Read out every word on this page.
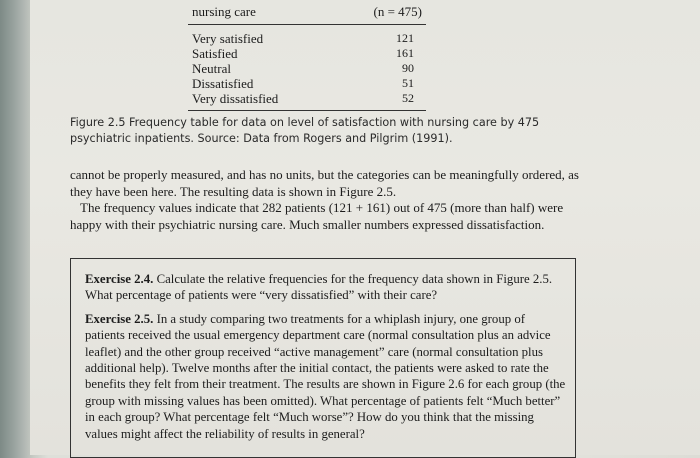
nursing care	(n = 475)
Very satisfied	121
Satisfied	161
Neutral	90
Dissatisfied	51
Very dissatisfied	52
Figure 2.5 Frequency table for data on level of satisfaction with nursing care by 475 psychiatric inpatients. Source: Data from Rogers and Pilgrim (1991).

cannot be properly measured, and has no units, but the categories can be meaningfully ordered, as they have been here. The resulting data is shown in Figure 2.5.

The frequency values indicate that 282 patients (121 + 161) out of 475 (more than half) were happy with their psychiatric nursing care. Much smaller numbers expressed dissatisfaction.

Exercise 2.4. Calculate the relative frequencies for the frequency data shown in Figure 2.5. What percentage of patients were “very dissatisfied” with their care?

Exercise 2.5. In a study comparing two treatments for a whiplash injury, one group of patients received the usual emergency department care (normal consultation plus an advice leaflet) and the other group received “active management” care (normal consultation plus additional help). Twelve months after the initial contact, the patients were asked to rate the benefits they felt from their treatment. The results are shown in Figure 2.6 for each group (the group with missing values has been omitted). What percentage of patients felt “Much better” in each group? What percentage felt “Much worse”? How do you think that the missing values might affect the reliability of results in general?
